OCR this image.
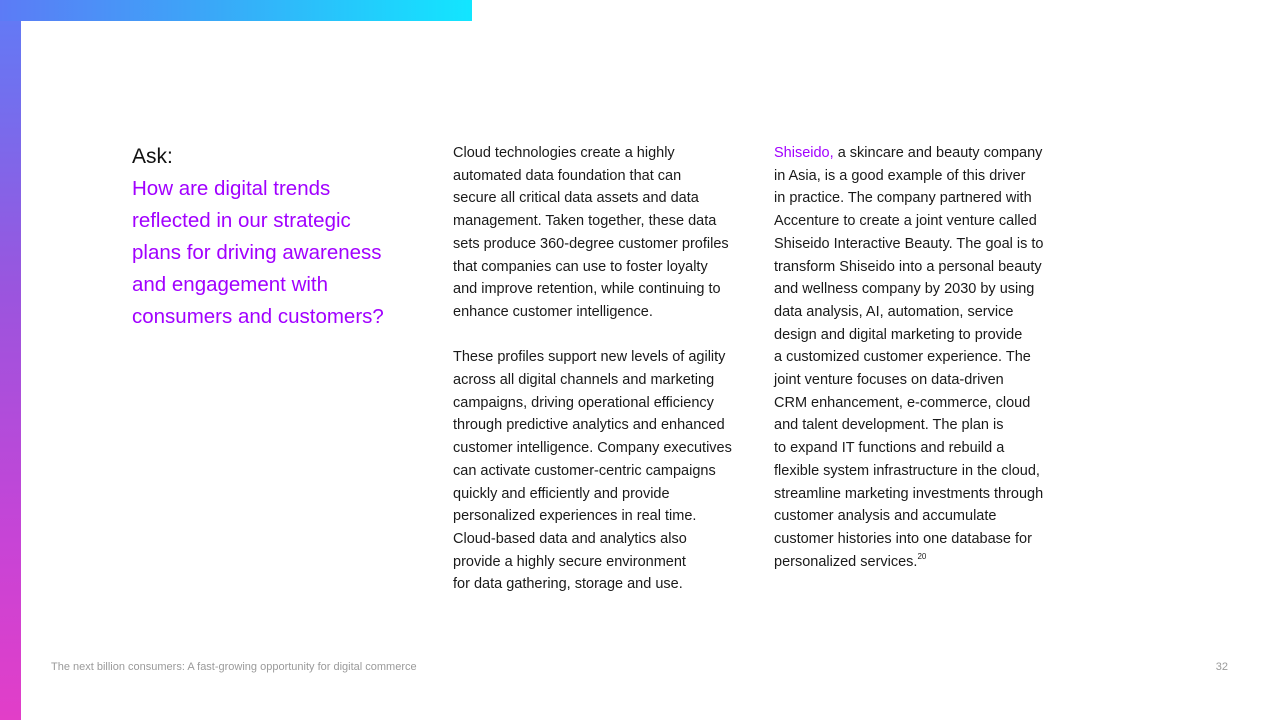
Ask:
How are digital trends
reflected in our strategic
plans for driving awareness
and engagement with
consumers and customers?

Cloud technologies create a highly

automated data foundation that can

secure all critical data assets and data

management. Taken together, these data

sets produce 360-degree customer profiles

that companies can use to foster loyalty

and improve retention, while continuing to

enhance customer intelligence.

These profiles support new levels of agility

across all digital channels and marketing

campaigns, driving operational efficiency

through predictive analytics and enhanced

customer intelligence. Company executives

can activate customer-centric campaigns

quickly and efficiently and provide

personalized experiences in real time.

Cloud-based data and analytics also

provide a highly secure environment

for data gathering, storage and use.

Shiseido, a skincare and beauty company

in Asia, is a good example of this driver

in practice. The company partnered with

Accenture to create a joint venture called

Shiseido Interactive Beauty. The goal is to

transform Shiseido into a personal beauty

and wellness company by 2030 by using

data analysis, AI, automation, service

design and digital marketing to provide

a customized customer experience. The

joint venture focuses on data-driven

CRM enhancement, e-commerce, cloud

and talent development. The plan is

to expand IT functions and rebuild a

flexible system infrastructure in the cloud,

streamline marketing investments through

customer analysis and accumulate

customer histories into one database for

personalized services.$^{20}$

The next billion consumers: A fast-growing opportunity for digital commerce	32
